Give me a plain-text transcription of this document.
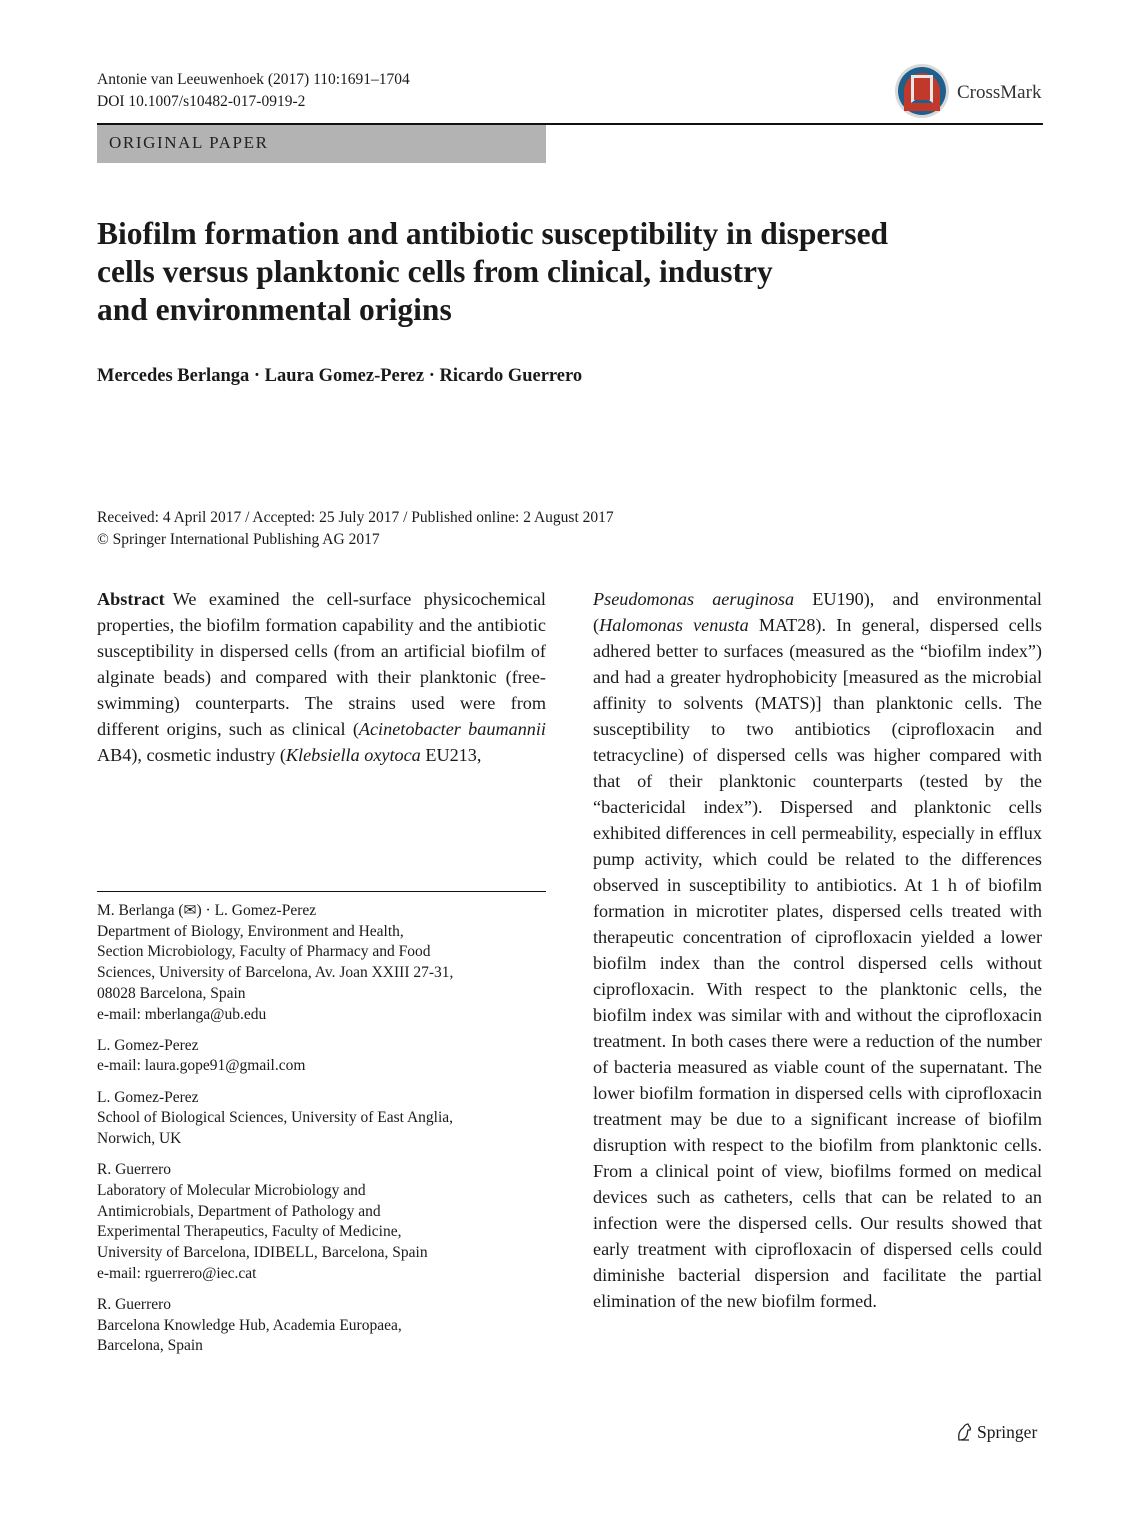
Antonie van Leeuwenhoek (2017) 110:1691–1704
DOI 10.1007/s10482-017-0919-2	CrossMark
ORIGINAL PAPER
Biofilm formation and antibiotic susceptibility in dispersed
cells versus planktonic cells from clinical, industry
and environmental origins
Mercedes Berlanga · Laura Gomez-Perez · Ricardo Guerrero
Received: 4 April 2017 / Accepted: 25 July 2017 / Published online: 2 August 2017
© Springer International Publishing AG 2017
Abstract We examined the cell-surface physicochemical properties, the biofilm formation capability and the antibiotic susceptibility in dispersed cells (from an artificial biofilm of alginate beads) and compared with their planktonic (free-swimming) counterparts. The strains used were from different origins, such as clinical (Acinetobacter baumannii AB4), cosmetic industry (Klebsiella oxytoca EU213,
Pseudomonas aeruginosa EU190), and environmental (Halomonas venusta MAT28). In general, dispersed cells adhered better to surfaces (measured as the “biofilm index”) and had a greater hydrophobicity [measured as the microbial affinity to solvents (MATS)] than planktonic cells. The susceptibility to two antibiotics (ciprofloxacin and tetracycline) of dispersed cells was higher compared with that of their planktonic counterparts (tested by the “bactericidal index”). Dispersed and planktonic cells exhibited differences in cell permeability, especially in efflux pump activity, which could be related to the differences observed in susceptibility to antibiotics. At 1 h of biofilm formation in microtiter plates, dispersed cells treated with therapeutic concentration of ciprofloxacin yielded a lower biofilm index than the control dispersed cells without ciprofloxacin. With respect to the planktonic cells, the biofilm index was similar with and without the ciprofloxacin treatment. In both cases there were a reduction of the number of bacteria measured as viable count of the supernatant. The lower biofilm formation in dispersed cells with ciprofloxacin treatment may be due to a significant increase of biofilm disruption with respect to the biofilm from planktonic cells. From a clinical point of view, biofilms formed on medical devices such as catheters, cells that can be related to an infection were the dispersed cells. Our results showed that early treatment with ciprofloxacin of dispersed cells could diminishe bacterial dispersion and facilitate the partial elimination of the new biofilm formed.
M. Berlanga (✉) · L. Gomez-Perez
Department of Biology, Environment and Health,
Section Microbiology, Faculty of Pharmacy and Food
Sciences, University of Barcelona, Av. Joan XXIII 27-31,
08028 Barcelona, Spain
e-mail: mberlanga@ub.edu
L. Gomez-Perez
e-mail: laura.gope91@gmail.com
L. Gomez-Perez
School of Biological Sciences, University of East Anglia,
Norwich, UK
R. Guerrero
Laboratory of Molecular Microbiology and
Antimicrobials, Department of Pathology and
Experimental Therapeutics, Faculty of Medicine,
University of Barcelona, IDIBELL, Barcelona, Spain
e-mail: rguerrero@iec.cat
R. Guerrero
Barcelona Knowledge Hub, Academia Europaea,
Barcelona, Spain
Springer
